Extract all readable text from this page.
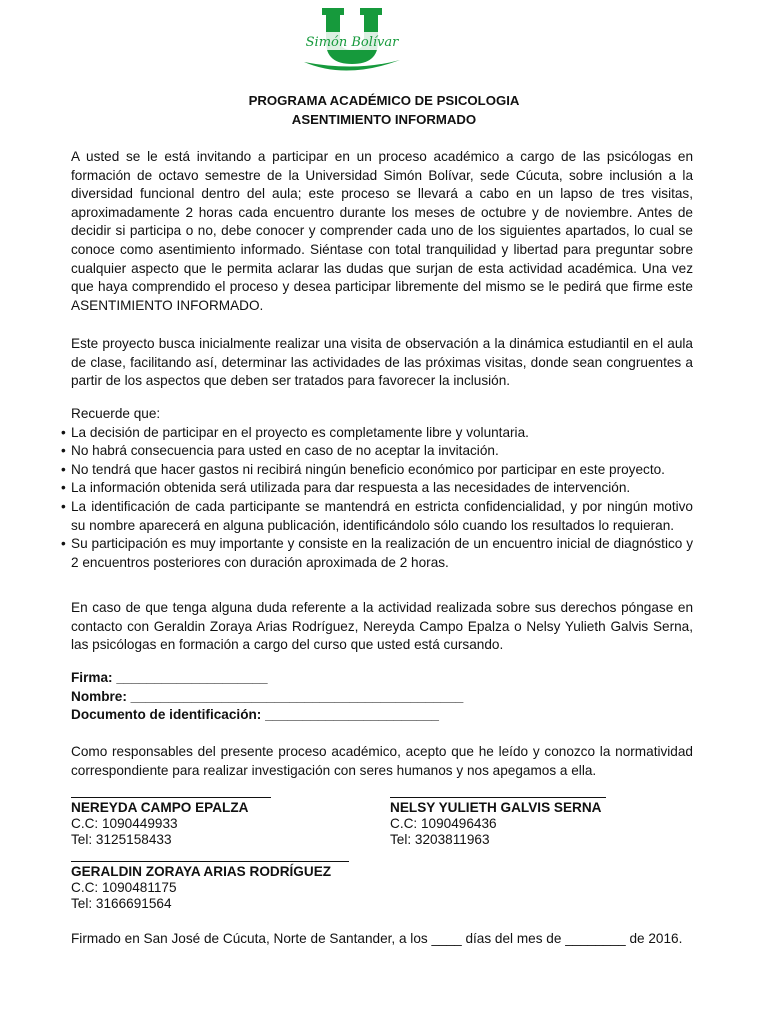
Simón Bolívar
PROGRAMA ACADÉMICO DE PSICOLOGIA
ASENTIMIENTO INFORMADO
A usted se le está invitando a participar en un proceso académico a cargo de las psicólogas en formación de octavo semestre de la Universidad Simón Bolívar, sede Cúcuta, sobre inclusión a la diversidad funcional dentro del aula; este proceso se llevará a cabo en un lapso de tres visitas, aproximadamente 2 horas cada encuentro durante los meses de octubre y de noviembre. Antes de decidir si participa o no, debe conocer y comprender cada uno de los siguientes apartados, lo cual se conoce como asentimiento informado. Siéntase con total tranquilidad y libertad para preguntar sobre cualquier aspecto que le permita aclarar las dudas que surjan de esta actividad académica. Una vez que haya comprendido el proceso y desea participar libremente del mismo se le pedirá que firme este ASENTIMIENTO INFORMADO.
Este proyecto busca inicialmente realizar una visita de observación a la dinámica estudiantil en el aula de clase, facilitando así, determinar las actividades de las próximas visitas, donde sean congruentes a partir de los aspectos que deben ser tratados para favorecer la inclusión.
Recuerde que:
• La decisión de participar en el proyecto es completamente libre y voluntaria.
• No habrá consecuencia para usted en caso de no aceptar la invitación.
• No tendrá que hacer gastos ni recibirá ningún beneficio económico por participar en este proyecto.
• La información obtenida será utilizada para dar respuesta a las necesidades de intervención.
• La identificación de cada participante se mantendrá en estricta confidencialidad, y por ningún motivo su nombre aparecerá en alguna publicación, identificándolo sólo cuando los resultados lo requieran.
• Su participación es muy importante y consiste en la realización de un encuentro inicial de diagnóstico y 2 encuentros posteriores con duración aproximada de 2 horas.
En caso de que tenga alguna duda referente a la actividad realizada sobre sus derechos póngase en contacto con Geraldin Zoraya Arias Rodríguez, Nereyda Campo Epalza o Nelsy Yulieth Galvis Serna, las psicólogas en formación a cargo del curso que usted está cursando.
Firma: ____________________
Nombre: ____________________________________________
Documento de identificación: _______________________
Como responsables del presente proceso académico, acepto que he leído y conozco la normatividad correspondiente para realizar investigación con seres humanos y nos apegamos a ella.
NEREYDA CAMPO EPALZA
C.C: 1090449933
Tel: 3125158433
NELSY YULIETH GALVIS SERNA
C.C: 1090496436
Tel: 3203811963
GERALDIN ZORAYA ARIAS RODRÍGUEZ
C.C: 1090481175
Tel: 3166691564
Firmado en San José de Cúcuta, Norte de Santander, a los ____ días del mes de ________ de 2016.
